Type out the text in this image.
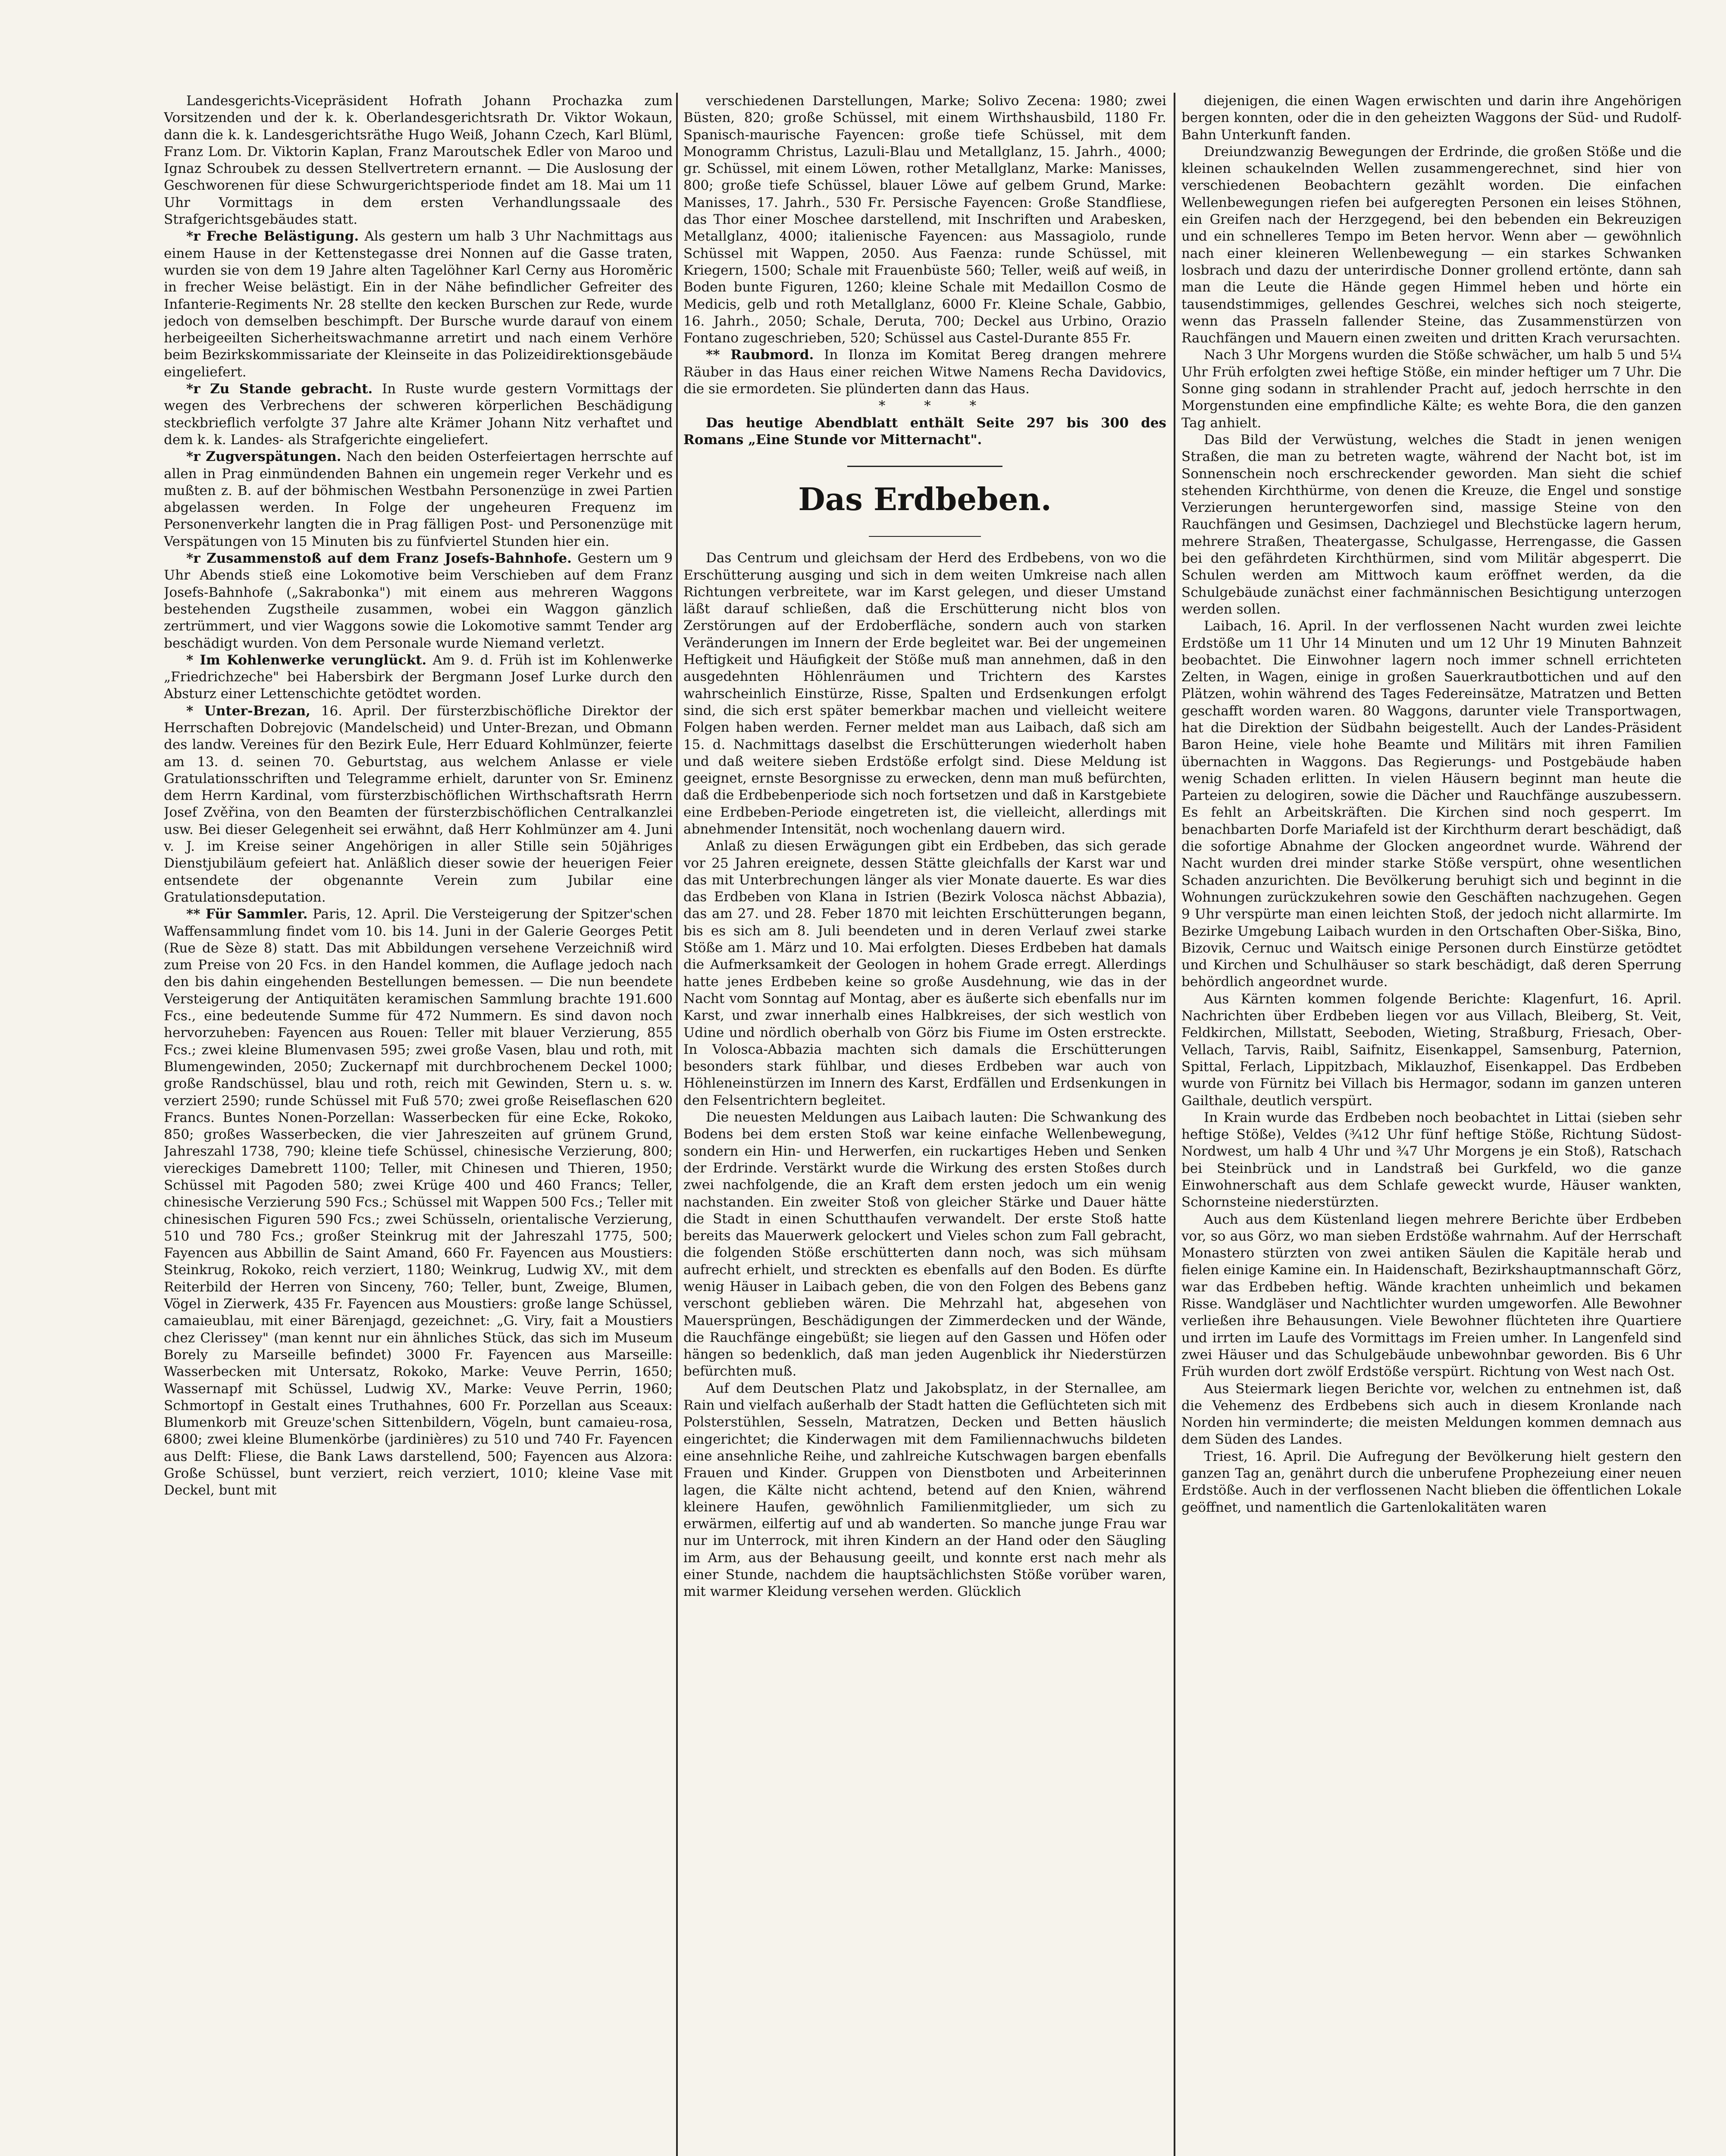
Landesgerichts-Vicepräsident Hofrath Johann Prochazka zum Vorsitzenden und der k. k. Oberlandesgerichtsrath Dr. Viktor Wokaun, dann die k. k. Landesgerichtsräthe Hugo Weiß, Johann Czech, Karl Blüml, Franz Lom. Dr. Viktorin Kaplan, Franz Maroutschek Edler von Maroo und Ignaz Schroubek zu dessen Stellvertretern ernannt. — Die Auslosung der Geschworenen für diese Schwurgerichtsperiode findet am 18. Mai um 11 Uhr Vormittags in dem ersten Verhandlungssaale des Strafgerichtsgebäudes statt.

*r Freche Belästigung. Als gestern um halb 3 Uhr Nachmittags aus einem Hause in der Kettenstegasse drei Nonnen auf die Gasse traten, wurden sie von dem 19 Jahre alten Tagelöhner Karl Cerny aus Horoměric in frecher Weise belästigt. Ein in der Nähe befindlicher Gefreiter des Infanterie-Regiments Nr. 28 stellte den kecken Burschen zur Rede, wurde jedoch von demselben beschimpft. Der Bursche wurde darauf von einem herbeigeeilten Sicherheitswachmanne arretirt und nach einem Verhöre beim Bezirkskommissariate der Kleinseite in das Polizeidirektionsgebäude eingeliefert.

*r Zu Stande gebracht. In Ruste wurde gestern Vormittags der wegen des Verbrechens der schweren körperlichen Beschädigung steckbrieflich verfolgte 37 Jahre alte Krämer Johann Nitz verhaftet und dem k. k. Landes- als Strafgerichte eingeliefert.

*r Zugverspätungen. Nach den beiden Osterfeiertagen herrschte auf allen in Prag einmündenden Bahnen ein ungemein reger Verkehr und es mußten z. B. auf der böhmischen Westbahn Personenzüge in zwei Partien abgelassen werden. In Folge der ungeheuren Frequenz im Personenverkehr langten die in Prag fälligen Post- und Personenzüge mit Verspätungen von 15 Minuten bis zu fünfviertel Stunden hier ein.

*r Zusammenstoß auf dem Franz Josefs-Bahnhofe. Gestern um 9 Uhr Abends stieß eine Lokomotive beim Verschieben auf dem Franz Josefs-Bahnhofe („Sakrabonka") mit einem aus mehreren Waggons bestehenden Zugstheile zusammen, wobei ein Waggon gänzlich zertrümmert, und vier Waggons sowie die Lokomotive sammt Tender arg beschädigt wurden. Von dem Personale wurde Niemand verletzt.

* Im Kohlenwerke verunglückt. Am 9. d. Früh ist im Kohlenwerke „Friedrichzeche" bei Habersbirk der Bergmann Josef Lurke durch den Absturz einer Lettenschichte getödtet worden.

* Unter-Brezan, 16. April. Der fürsterzbischöfliche Direktor der Herrschaften Dobrejovic (Mandelscheid) und Unter-Brezan, und Obmann des landw. Vereines für den Bezirk Eule, Herr Eduard Kohlmünzer, feierte am 13. d. seinen 70. Geburtstag, aus welchem Anlasse er viele Gratulationsschriften und Telegramme erhielt, darunter von Sr. Eminenz dem Herrn Kardinal, vom fürsterzbischöflichen Wirthschaftsrath Herrn Josef Zvěřina, von den Beamten der fürsterzbischöflichen Centralkanzlei usw. Bei dieser Gelegenheit sei erwähnt, daß Herr Kohlmünzer am 4. Juni v. J. im Kreise seiner Angehörigen in aller Stille sein 50jähriges Dienstjubiläum gefeiert hat. Anläßlich dieser sowie der heuerigen Feier entsendete der obgenannte Verein zum Jubilar eine Gratulationsdeputation.

** Für Sammler. Paris, 12. April. Die Versteigerung der Spitzer'schen Waffensammlung findet vom 10. bis 14. Juni in der Galerie Georges Petit (Rue de Sèze 8) statt. Das mit Abbildungen versehene Verzeichniß wird zum Preise von 20 Fcs. in den Handel kommen, die Auflage jedoch nach den bis dahin eingehenden Bestellungen bemessen. — Die nun beendete Versteigerung der Antiquitäten keramischen Sammlung brachte 191.600 Fcs., eine bedeutende Summe für 472 Nummern. Es sind davon noch hervorzuheben: Fayencen aus Rouen: Teller mit blauer Verzierung, 855 Fcs.; zwei kleine Blumenvasen 595; zwei große Vasen, blau und roth, mit Blumengewinden, 2050; Zuckernapf mit durchbrochenem Deckel 1000; große Randschüssel, blau und roth, reich mit Gewinden, Stern u. s. w. verziert 2590; runde Schüssel mit Fuß 570; zwei große Reiseflaschen 620 Francs. Buntes Nonen-Porzellan: Wasserbecken für eine Ecke, Rokoko, 850; großes Wasserbecken, die vier Jahreszeiten auf grünem Grund, Jahreszahl 1738, 790; kleine tiefe Schüssel, chinesische Verzierung, 800; viereckiges Damebrett 1100; Teller, mit Chinesen und Thieren, 1950; Schüssel mit Pagoden 580; zwei Krüge 400 und 460 Francs; Teller, chinesische Verzierung 590 Fcs.; Schüssel mit Wappen 500 Fcs.; Teller mit chinesischen Figuren 590 Fcs.; zwei Schüsseln, orientalische Verzierung, 510 und 780 Fcs.; großer Steinkrug mit der Jahreszahl 1775, 500; Fayencen aus Abbillin de Saint Amand, 660 Fr. Fayencen aus Moustiers: Steinkrug, Rokoko, reich verziert, 1180; Weinkrug, Ludwig XV., mit dem Reiterbild der Herren von Sinceny, 760; Teller, bunt, Zweige, Blumen, Vögel in Zierwerk, 435 Fr. Fayencen aus Moustiers: große lange Schüssel, camaieublau, mit einer Bärenjagd, gezeichnet: „G. Viry, fait a Moustiers chez Clerissey" (man kennt nur ein ähnliches Stück, das sich im Museum Borely zu Marseille befindet) 3000 Fr. Fayencen aus Marseille: Wasserbecken mit Untersatz, Rokoko, Marke: Veuve Perrin, 1650; Wassernapf mit Schüssel, Ludwig XV., Marke: Veuve Perrin, 1960; Schmortopf in Gestalt eines Truthahnes, 600 Fr. Porzellan aus Sceaux: Blumenkorb mit Greuze'schen Sittenbildern, Vögeln, bunt camaieu-rosa, 6800; zwei kleine Blumenkörbe (jardinières) zu 510 und 740 Fr. Fayencen aus Delft: Fliese, die Bank Laws darstellend, 500; Fayencen aus Alzora: Große Schüssel, bunt verziert, reich verziert, 1010; kleine Vase mit Deckel, bunt mit

verschiedenen Darstellungen, Marke; Solivo Zecena: 1980; zwei Büsten, 820; große Schüssel, mit einem Wirthshausbild, 1180 Fr. Spanisch-maurische Fayencen: große tiefe Schüssel, mit dem Monogramm Christus, Lazuli-Blau und Metallglanz, 15. Jahrh., 4000; gr. Schüssel, mit einem Löwen, rother Metallglanz, Marke: Manisses, 800; große tiefe Schüssel, blauer Löwe auf gelbem Grund, Marke: Manisses, 17. Jahrh., 530 Fr. Persische Fayencen: Große Standfliese, das Thor einer Moschee darstellend, mit Inschriften und Arabesken, Metallglanz, 4000; italienische Fayencen: aus Massagiolo, runde Schüssel mit Wappen, 2050. Aus Faenza: runde Schüssel, mit Kriegern, 1500; Schale mit Frauenbüste 560; Teller, weiß auf weiß, in Boden bunte Figuren, 1260; kleine Schale mit Medaillon Cosmo de Medicis, gelb und roth Metallglanz, 6000 Fr. Kleine Schale, Gabbio, 16. Jahrh., 2050; Schale, Deruta, 700; Deckel aus Urbino, Orazio Fontano zugeschrieben, 520; Schüssel aus Castel-Durante 855 Fr.

** Raubmord. In Ilonza im Komitat Bereg drangen mehrere Räuber in das Haus einer reichen Witwe Namens Recha Davidovics, die sie ermordeten. Sie plünderten dann das Haus.

* * *

Das heutige Abendblatt enthält Seite 297 bis 300 des Romans „Eine Stunde vor Mitternacht".

Das Erdbeben.

Das Centrum und gleichsam der Herd des Erdbebens, von wo die Erschütterung ausging und sich in dem weiten Umkreise nach allen Richtungen verbreitete, war im Karst gelegen, und dieser Umstand läßt darauf schließen, daß die Erschütterung nicht blos von Zerstörungen auf der Erdoberfläche, sondern auch von starken Veränderungen im Innern der Erde begleitet war. Bei der ungemeinen Heftigkeit und Häufigkeit der Stöße muß man annehmen, daß in den ausgedehnten Höhlenräumen und Trichtern des Karstes wahrscheinlich Einstürze, Risse, Spalten und Erdsenkungen erfolgt sind, die sich erst später bemerkbar machen und vielleicht weitere Folgen haben werden. Ferner meldet man aus Laibach, daß sich am 15. d. Nachmittags daselbst die Erschütterungen wiederholt haben und daß weitere sieben Erdstöße erfolgt sind. Diese Meldung ist geeignet, ernste Besorgnisse zu erwecken, denn man muß befürchten, daß die Erdbebenperiode sich noch fortsetzen und daß in Karstgebiete eine Erdbeben-Periode eingetreten ist, die vielleicht, allerdings mit abnehmender Intensität, noch wochenlang dauern wird.

Anlaß zu diesen Erwägungen gibt ein Erdbeben, das sich gerade vor 25 Jahren ereignete, dessen Stätte gleichfalls der Karst war und das mit Unterbrechungen länger als vier Monate dauerte. Es war dies das Erdbeben von Klana in Istrien (Bezirk Volosca nächst Abbazia), das am 27. und 28. Feber 1870 mit leichten Erschütterungen begann, bis es sich am 8. Juli beendeten und in deren Verlauf zwei starke Stöße am 1. März und 10. Mai erfolgten. Dieses Erdbeben hat damals die Aufmerksamkeit der Geologen in hohem Grade erregt. Allerdings hatte jenes Erdbeben keine so große Ausdehnung, wie das in der Nacht vom Sonntag auf Montag, aber es äußerte sich ebenfalls nur im Karst, und zwar innerhalb eines Halbkreises, der sich westlich von Udine und nördlich oberhalb von Görz bis Fiume im Osten erstreckte. In Volosca-Abbazia machten sich damals die Erschütterungen besonders stark fühlbar, und dieses Erdbeben war auch von Höhleneinstürzen im Innern des Karst, Erdfällen und Erdsenkungen in den Felsentrichtern begleitet.

Die neuesten Meldungen aus Laibach lauten: Die Schwankung des Bodens bei dem ersten Stoß war keine einfache Wellenbewegung, sondern ein Hin- und Herwerfen, ein ruckartiges Heben und Senken der Erdrinde. Verstärkt wurde die Wirkung des ersten Stoßes durch zwei nachfolgende, die an Kraft dem ersten jedoch um ein wenig nachstanden. Ein zweiter Stoß von gleicher Stärke und Dauer hätte die Stadt in einen Schutthaufen verwandelt. Der erste Stoß hatte bereits das Mauerwerk gelockert und Vieles schon zum Fall gebracht, die folgenden Stöße erschütterten dann noch, was sich mühsam aufrecht erhielt, und streckten es ebenfalls auf den Boden. Es dürfte wenig Häuser in Laibach geben, die von den Folgen des Bebens ganz verschont geblieben wären. Die Mehrzahl hat, abgesehen von Mauersprüngen, Beschädigungen der Zimmerdecken und der Wände, die Rauchfänge eingebüßt; sie liegen auf den Gassen und Höfen oder hängen so bedenklich, daß man jeden Augenblick ihr Niederstürzen befürchten muß.

Auf dem Deutschen Platz und Jakobsplatz, in der Sternallee, am Rain und vielfach außerhalb der Stadt hatten die Geflüchteten sich mit Polsterstühlen, Sesseln, Matratzen, Decken und Betten häuslich eingerichtet; die Kinderwagen mit dem Familiennachwuchs bildeten eine ansehnliche Reihe, und zahlreiche Kutschwagen bargen ebenfalls Frauen und Kinder. Gruppen von Dienstboten und Arbeiterinnen lagen, die Kälte nicht achtend, betend auf den Knien, während kleinere Haufen, gewöhnlich Familienmitglieder, um sich zu erwärmen, eilfertig auf und ab wanderten. So manche junge Frau war nur im Unterrock, mit ihren Kindern an der Hand oder den Säugling im Arm, aus der Behausung geeilt, und konnte erst nach mehr als einer Stunde, nachdem die hauptsächlichsten Stöße vorüber waren, mit warmer Kleidung versehen werden. Glücklich

diejenigen, die einen Wagen erwischten und darin ihre Angehörigen bergen konnten, oder die in den geheizten Waggons der Süd- und Rudolf-Bahn Unterkunft fanden.

Dreiundzwanzig Bewegungen der Erdrinde, die großen Stöße und die kleinen schaukelnden Wellen zusammengerechnet, sind hier von verschiedenen Beobachtern gezählt worden. Die einfachen Wellenbewegungen riefen bei aufgeregten Personen ein leises Stöhnen, ein Greifen nach der Herzgegend, bei den bebenden ein Bekreuzigen und ein schnelleres Tempo im Beten hervor. Wenn aber — gewöhnlich nach einer kleineren Wellenbewegung — ein starkes Schwanken losbrach und dazu der unterirdische Donner grollend ertönte, dann sah man die Leute die Hände gegen Himmel heben und hörte ein tausendstimmiges, gellendes Geschrei, welches sich noch steigerte, wenn das Prasseln fallender Steine, das Zusammenstürzen von Rauchfängen und Mauern einen zweiten und dritten Krach verursachten.

Nach 3 Uhr Morgens wurden die Stöße schwächer, um halb 5 und 5¼ Uhr Früh erfolgten zwei heftige Stöße, ein minder heftiger um 7 Uhr. Die Sonne ging sodann in strahlender Pracht auf, jedoch herrschte in den Morgenstunden eine empfindliche Kälte; es wehte Bora, die den ganzen Tag anhielt.

Das Bild der Verwüstung, welches die Stadt in jenen wenigen Straßen, die man zu betreten wagte, während der Nacht bot, ist im Sonnenschein noch erschreckender geworden. Man sieht die schief stehenden Kirchthürme, von denen die Kreuze, die Engel und sonstige Verzierungen heruntergeworfen sind, massige Steine von den Rauchfängen und Gesimsen, Dachziegel und Blechstücke lagern herum, mehrere Straßen, Theatergasse, Schulgasse, Herrengasse, die Gassen bei den gefährdeten Kirchthürmen, sind vom Militär abgesperrt. Die Schulen werden am Mittwoch kaum eröffnet werden, da die Schulgebäude zunächst einer fachmännischen Besichtigung unterzogen werden sollen.

Laibach, 16. April. In der verflossenen Nacht wurden zwei leichte Erdstöße um 11 Uhr 14 Minuten und um 12 Uhr 19 Minuten Bahnzeit beobachtet. Die Einwohner lagern noch immer schnell errichteten Zelten, in Wagen, einige in großen Sauerkrautbottichen und auf den Plätzen, wohin während des Tages Federeinsätze, Matratzen und Betten geschafft worden waren. 80 Waggons, darunter viele Transportwagen, hat die Direktion der Südbahn beigestellt. Auch der Landes-Präsident Baron Heine, viele hohe Beamte und Militärs mit ihren Familien übernachten in Waggons. Das Regierungs- und Postgebäude haben wenig Schaden erlitten. In vielen Häusern beginnt man heute die Parteien zu delogiren, sowie die Dächer und Rauchfänge auszubessern. Es fehlt an Arbeitskräften. Die Kirchen sind noch gesperrt. Im benachbarten Dorfe Mariafeld ist der Kirchthurm derart beschädigt, daß die sofortige Abnahme der Glocken angeordnet wurde. Während der Nacht wurden drei minder starke Stöße verspürt, ohne wesentlichen Schaden anzurichten. Die Bevölkerung beruhigt sich und beginnt in die Wohnungen zurückzukehren sowie den Geschäften nachzugehen. Gegen 9 Uhr verspürte man einen leichten Stoß, der jedoch nicht allarmirte. Im Bezirke Umgebung Laibach wurden in den Ortschaften Ober-Siška, Bino, Bizovik, Cernuc und Waitsch einige Personen durch Einstürze getödtet und Kirchen und Schulhäuser so stark beschädigt, daß deren Sperrung behördlich angeordnet wurde.

Aus Kärnten kommen folgende Berichte: Klagenfurt, 16. April. Nachrichten über Erdbeben liegen vor aus Villach, Bleiberg, St. Veit, Feldkirchen, Millstatt, Seeboden, Wieting, Straßburg, Friesach, Ober-Vellach, Tarvis, Raibl, Saifnitz, Eisenkappel, Samsenburg, Paternion, Spittal, Ferlach, Lippitzbach, Miklauzhof, Eisenkappel. Das Erdbeben wurde von Fürnitz bei Villach bis Hermagor, sodann im ganzen unteren Gailthale, deutlich verspürt.

In Krain wurde das Erdbeben noch beobachtet in Littai (sieben sehr heftige Stöße), Veldes (¾12 Uhr fünf heftige Stöße, Richtung Südost-Nordwest, um halb 4 Uhr und ¾7 Uhr Morgens je ein Stoß), Ratschach bei Steinbrück und in Landstraß bei Gurkfeld, wo die ganze Einwohnerschaft aus dem Schlafe geweckt wurde, Häuser wankten, Schornsteine niederstürzten.

Auch aus dem Küstenland liegen mehrere Berichte über Erdbeben vor, so aus Görz, wo man sieben Erdstöße wahrnahm. Auf der Herrschaft Monastero stürzten von zwei antiken Säulen die Kapitäle herab und fielen einige Kamine ein. In Haidenschaft, Bezirkshauptmannschaft Görz, war das Erdbeben heftig. Wände krachten unheimlich und bekamen Risse. Wandgläser und Nachtlichter wurden umgeworfen. Alle Bewohner verließen ihre Behausungen. Viele Bewohner flüchteten ihre Quartiere und irrten im Laufe des Vormittags im Freien umher. In Langenfeld sind zwei Häuser und das Schulgebäude unbewohnbar geworden. Bis 6 Uhr Früh wurden dort zwölf Erdstöße verspürt. Richtung von West nach Ost.

Aus Steiermark liegen Berichte vor, welchen zu entnehmen ist, daß die Vehemenz des Erdbebens sich auch in diesem Kronlande nach Norden hin verminderte; die meisten Meldungen kommen demnach aus dem Süden des Landes.

Triest, 16. April. Die Aufregung der Bevölkerung hielt gestern den ganzen Tag an, genährt durch die unberufene Prophezeiung einer neuen Erdstöße. Auch in der verflossenen Nacht blieben die öffentlichen Lokale geöffnet, und namentlich die Gartenlokalitäten waren
